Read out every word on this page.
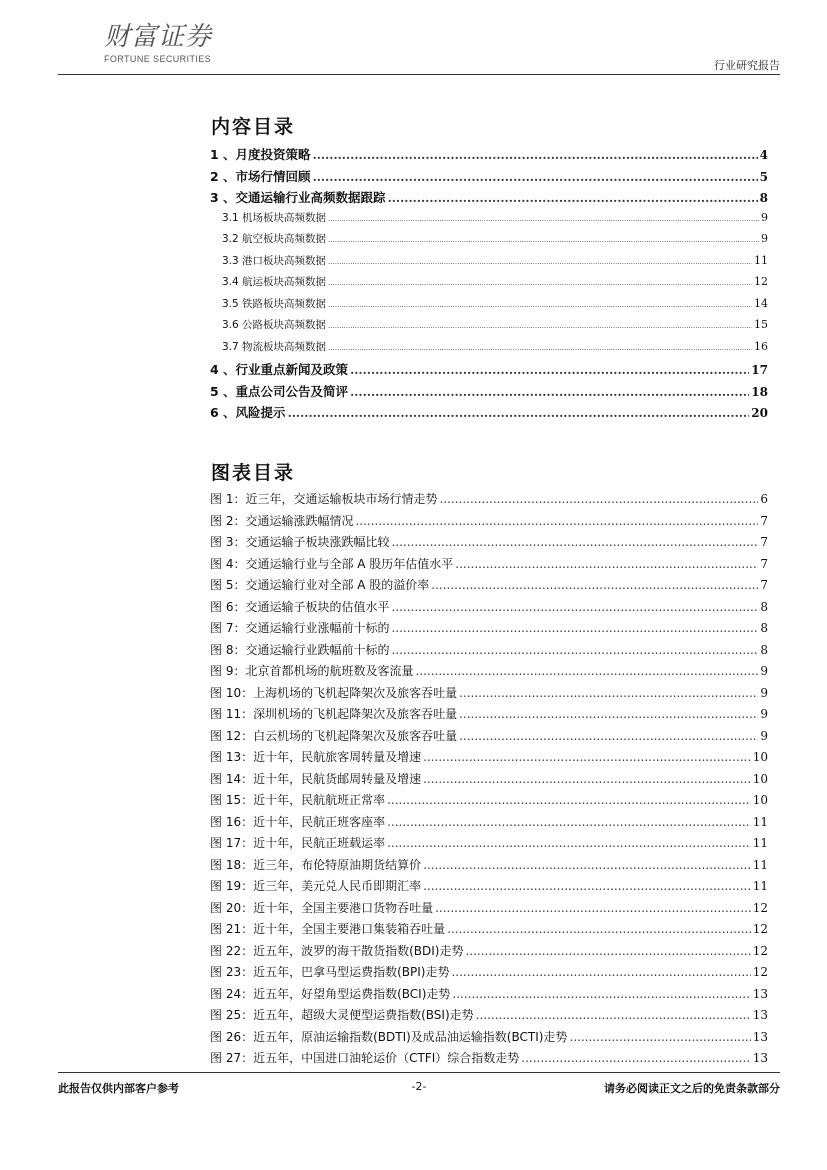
财富证券
FORTUNE SECURITIES	行业研究报告
内容目录
1 、月度投资策略 .....	4
2 、市场行情回顾 .....	5
3 、交通运输行业高频数据跟踪 .....	8
3.1 机场板块高频数据 .....	9
3.2 航空板块高频数据 .....	9
3.3 港口板块高频数据 .....	11
3.4 航运板块高频数据 .....	12
3.5 铁路板块高频数据 .....	14
3.6 公路板块高频数据 .....	15
3.7 物流板块高频数据 .....	16
4 、行业重点新闻及政策 .....	17
5 、重点公司公告及简评 .....	18
6 、风险提示 .....	20
图表目录
图 1：近三年，交通运输板块市场行情走势 .....	6
图 2：交通运输涨跌幅情况 .....	7
图 3：交通运输子板块涨跌幅比较 .....	7
图 4：交通运输行业与全部 A 股历年估值水平 .....	7
图 5：交通运输行业对全部 A 股的溢价率 .....	7
图 6：交通运输子板块的估值水平 .....	8
图 7：交通运输行业涨幅前十标的 .....	8
图 8：交通运输行业跌幅前十标的 .....	8
图 9：北京首都机场的航班数及客流量 .....	9
图 10：上海机场的飞机起降架次及旅客吞吐量 .....	9
图 11：深圳机场的飞机起降架次及旅客吞吐量 .....	9
图 12：白云机场的飞机起降架次及旅客吞吐量 .....	9
图 13：近十年，民航旅客周转量及增速 .....	10
图 14：近十年，民航货邮周转量及增速 .....	10
图 15：近十年，民航航班正常率 .....	10
图 16：近十年，民航正班客座率 .....	11
图 17：近十年，民航正班载运率 .....	11
图 18：近三年，布伦特原油期货结算价 .....	11
图 19：近三年，美元兑人民币即期汇率 .....	11
图 20：近十年，全国主要港口货物吞吐量 .....	12
图 21：近十年，全国主要港口集装箱吞吐量 .....	12
图 22：近五年，波罗的海干散货指数(BDI)走势 .....	12
图 23：近五年，巴拿马型运费指数(BPI)走势 .....	12
图 24：近五年，好望角型运费指数(BCI)走势 .....	13
图 25：近五年，超级大灵便型运费指数(BSI)走势 .....	13
图 26：近五年，原油运输指数(BDTI)及成品油运输指数(BCTI)走势 .....	13
图 27：近五年，中国进口油轮运价（CTFI）综合指数走势 .....	13
此报告仅供内部客户参考	-2-	请务必阅读正文之后的免责条款部分
